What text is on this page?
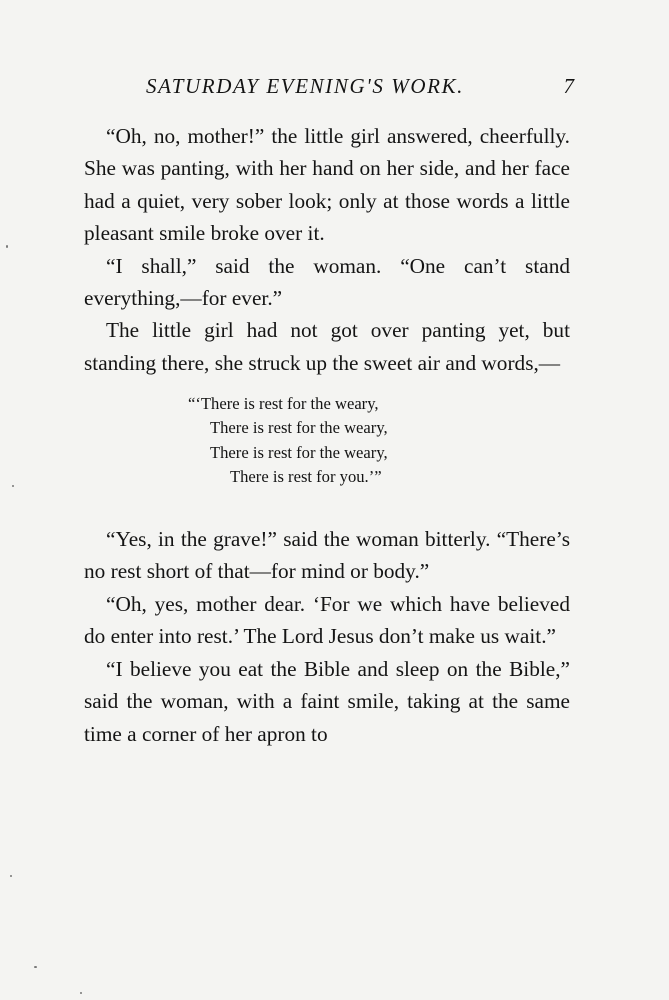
SATURDAY EVENING'S WORK.	7

“Oh, no, mother!” the little girl answered, cheerfully. She was panting, with her hand on her side, and her face had a quiet, very sober look; only at those words a little pleasant smile broke over it.

“I shall,” said the woman. “One can’t stand everything,—for ever.”

The little girl had not got over panting yet, but standing there, she struck up the sweet air and words,—

“‘There is rest for the weary,
There is rest for the weary,
There is rest for the weary,
There is rest for you.’”

“Yes, in the grave!” said the woman bitterly. “There’s no rest short of that—for mind or body.”

“Oh, yes, mother dear. ‘For we which have believed do enter into rest.’ The Lord Jesus don’t make us wait.”

“I believe you eat the Bible and sleep on the Bible,” said the woman, with a faint smile, taking at the same time a corner of her apron to
